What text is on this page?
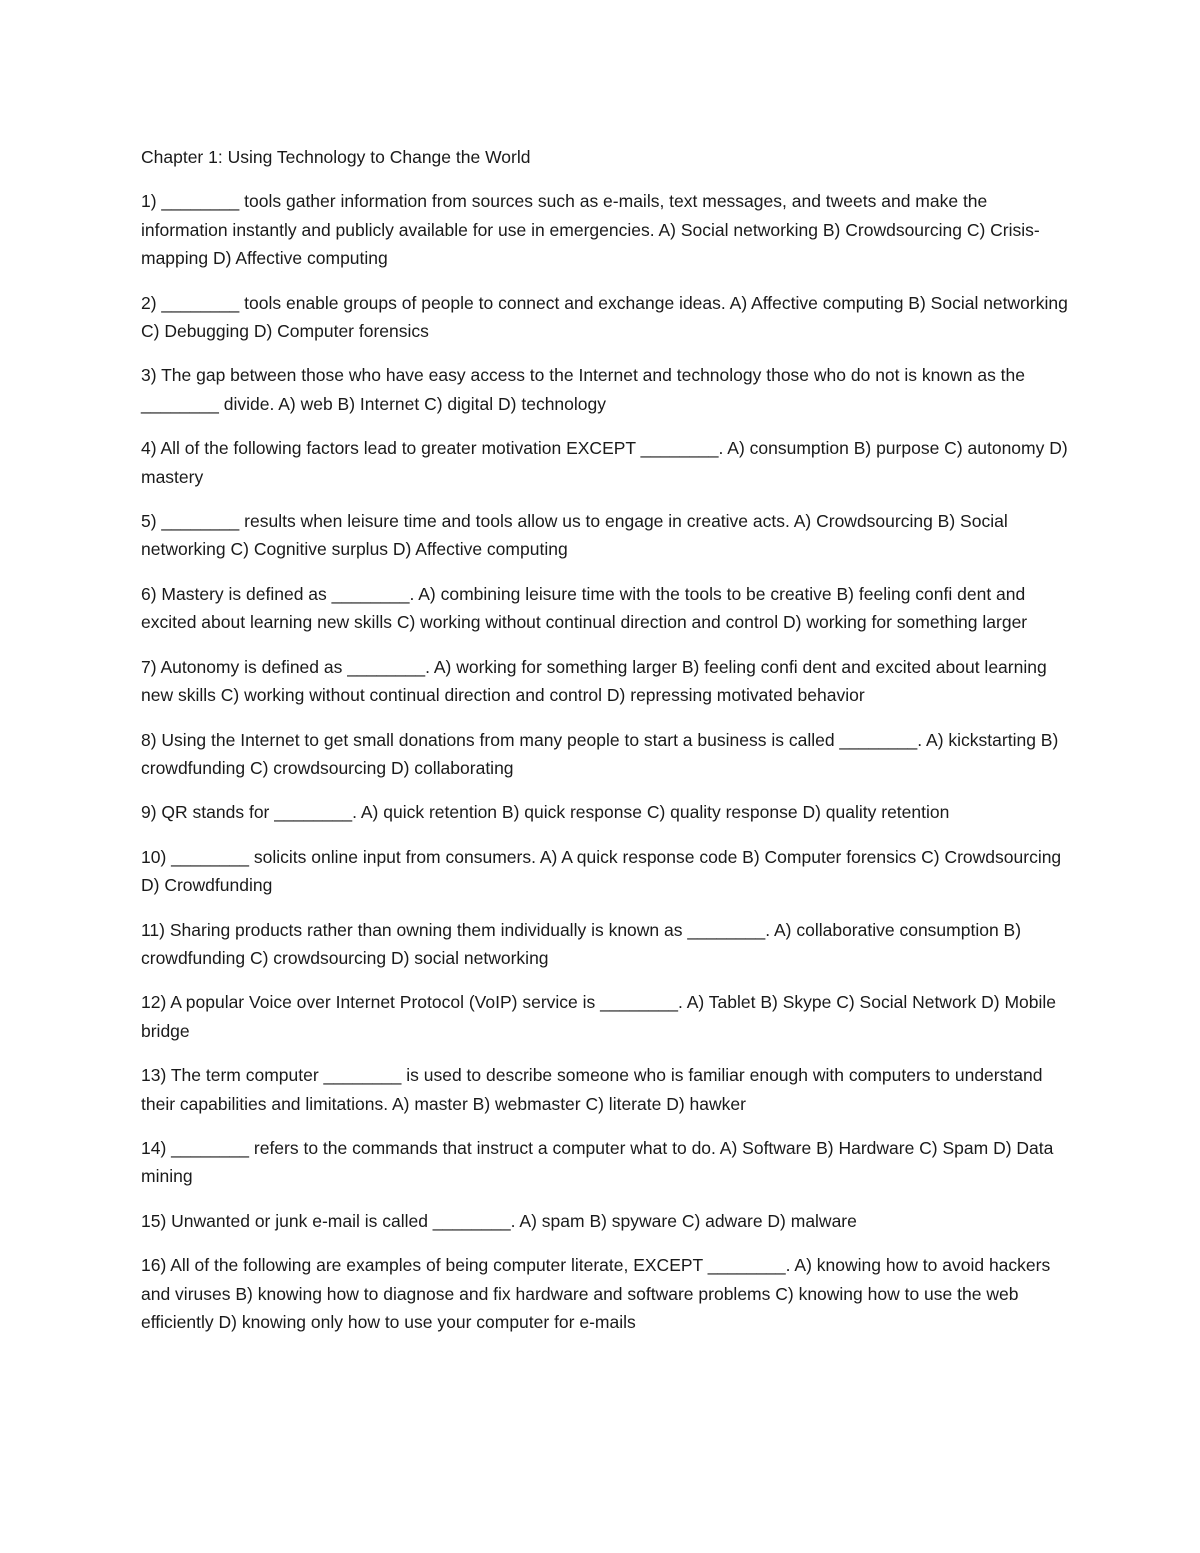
Chapter 1: Using Technology to Change the World

1) ________ tools gather information from sources such as e-mails, text messages, and tweets and make the information instantly and publicly available for use in emergencies. A) Social networking B) Crowdsourcing C) Crisis-mapping D) Affective computing

2) ________ tools enable groups of people to connect and exchange ideas. A) Affective computing B) Social networking C) Debugging D) Computer forensics

3) The gap between those who have easy access to the Internet and technology those who do not is known as the ________ divide. A) web B) Internet C) digital D) technology

4) All of the following factors lead to greater motivation EXCEPT ________. A) consumption B) purpose C) autonomy D) mastery

5) ________ results when leisure time and tools allow us to engage in creative acts. A) Crowdsourcing B) Social networking C) Cognitive surplus D) Affective computing

6) Mastery is defined as ________. A) combining leisure time with the tools to be creative B) feeling confi dent and excited about learning new skills C) working without continual direction and control D) working for something larger

7) Autonomy is defined as ________. A) working for something larger B) feeling confi dent and excited about learning new skills C) working without continual direction and control D) repressing motivated behavior

8) Using the Internet to get small donations from many people to start a business is called ________. A) kickstarting B) crowdfunding C) crowdsourcing D) collaborating

9) QR stands for ________. A) quick retention B) quick response C) quality response D) quality retention

10) ________ solicits online input from consumers. A) A quick response code B) Computer forensics C) Crowdsourcing D) Crowdfunding

11) Sharing products rather than owning them individually is known as ________. A) collaborative consumption B) crowdfunding C) crowdsourcing D) social networking

12) A popular Voice over Internet Protocol (VoIP) service is ________. A) Tablet B) Skype C) Social Network D) Mobile bridge

13) The term computer ________ is used to describe someone who is familiar enough with computers to understand their capabilities and limitations. A) master B) webmaster C) literate D) hawker

14) ________ refers to the commands that instruct a computer what to do. A) Software B) Hardware C) Spam D) Data mining

15) Unwanted or junk e-mail is called ________. A) spam B) spyware C) adware D) malware

16) All of the following are examples of being computer literate, EXCEPT ________. A) knowing how to avoid hackers and viruses B) knowing how to diagnose and fix hardware and software problems C) knowing how to use the web efficiently D) knowing only how to use your computer for e-mails
